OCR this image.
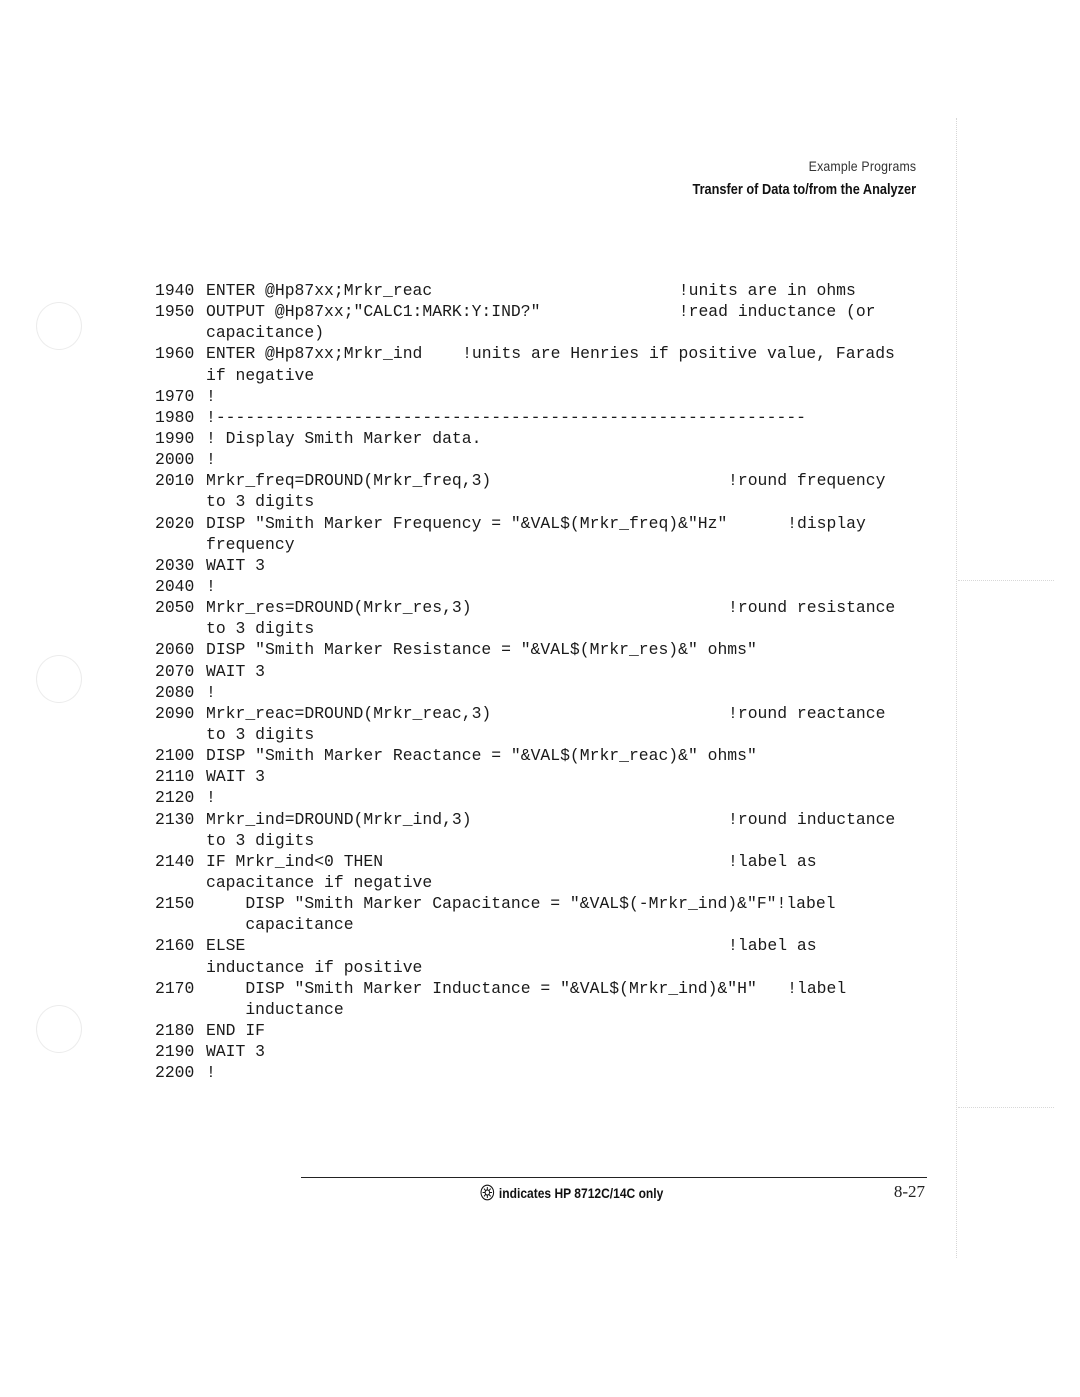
Example Programs
Transfer of Data to/from the Analyzer
1940 ENTER @Hp87xx;Mrkr_reac	!units are in ohms
1950 OUTPUT @Hp87xx;"CALC1:MARK:Y:IND?"	!read inductance (or
capacitance)
1960 ENTER @Hp87xx;Mrkr_ind !units are Henries if positive value, Farads
if negative
1970 !
1980 !------------------------------------------------------------
1990 ! Display Smith Marker data.
2000 !
2010 Mrkr_freq=DROUND(Mrkr_freq,3)	!round frequency
to 3 digits
2020 DISP "Smith Marker Frequency = "&VAL$(Mrkr_freq)&"Hz"	!display
frequency
2030 WAIT 3
2040 !
2050 Mrkr_res=DROUND(Mrkr_res,3)	!round resistance
to 3 digits
2060 DISP "Smith Marker Resistance = "&VAL$(Mrkr_res)&" ohms"
2070 WAIT 3
2080 !
2090 Mrkr_reac=DROUND(Mrkr_reac,3)	!round reactance
to 3 digits
2100 DISP "Smith Marker Reactance = "&VAL$(Mrkr_reac)&" ohms"
2110 WAIT 3
2120 !
2130 Mrkr_ind=DROUND(Mrkr_ind,3)	!round inductance
to 3 digits
2140 IF Mrkr_ind<0 THEN	!label as
capacitance if negative
2150 DISP "Smith Marker Capacitance = "&VAL$(-Mrkr_ind)&"F"!label
capacitance
2160 ELSE	!label as
inductance if positive
2170 DISP "Smith Marker Inductance = "&VAL$(Mrkr_ind)&"H" !label
inductance
2180 END IF
2190 WAIT 3
2200 !
indicates HP 8712C/14C only	8-27
